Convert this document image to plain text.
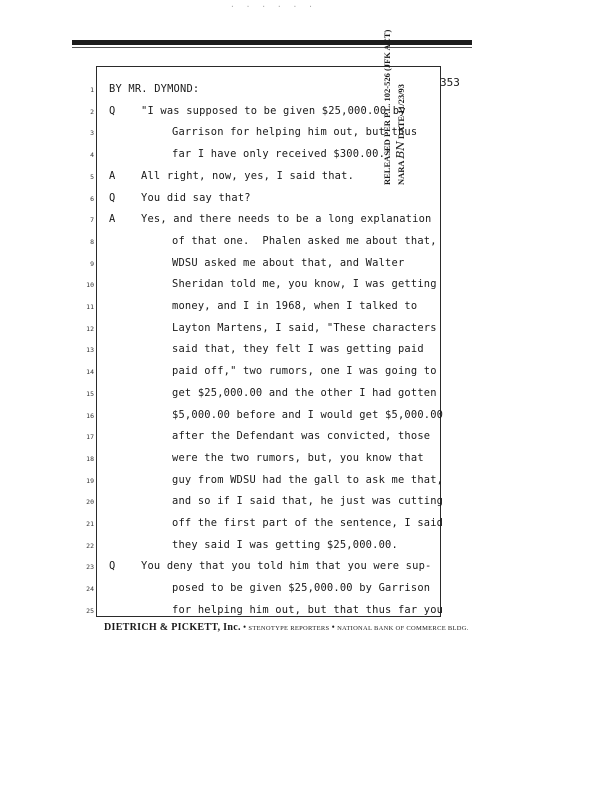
· · · · · ·
353
1 BY MR. DYMOND:
2 Q "I was supposed to be given $25,000.00 by
3	Garrison for helping him out, but thus
4	far I have only received $300.00."
5 A All right, now, yes, I said that.
6 Q You did say that?
7 A Yes, and there needs to be a long explanation
8	of that one.  Phalen asked me about that,
9	WDSU asked me about that, and Walter
10	Sheridan told me, you know, I was getting
11	money, and I in 1968, when I talked to
12	Layton Martens, I said, "These characters
13	said that, they felt I was getting paid
14	paid off," two rumors, one I was going to
15	get $25,000.00 and the other I had gotten
16	$5,000.00 before and I would get $5,000.00
17	after the Defendant was convicted, those
18	were the two rumors, but, you know that
19	guy from WDSU had the gall to ask me that,
20	and so if I said that, he just was cutting
21	off the first part of the sentence, I said
22	they said I was getting $25,000.00.
23 Q You deny that you told him that you were sup-
24	posed to be given $25,000.00 by Garrison
25	for helping him out, but that thus far you
RELEASED PER P.L. 102-526 (JFK ACT) NARA BN DATE 11/23/93
DIETRICH & PICKETT, Inc. • STENOTYPE REPORTERS • NATIONAL BANK OF COMMERCE BLDG.
